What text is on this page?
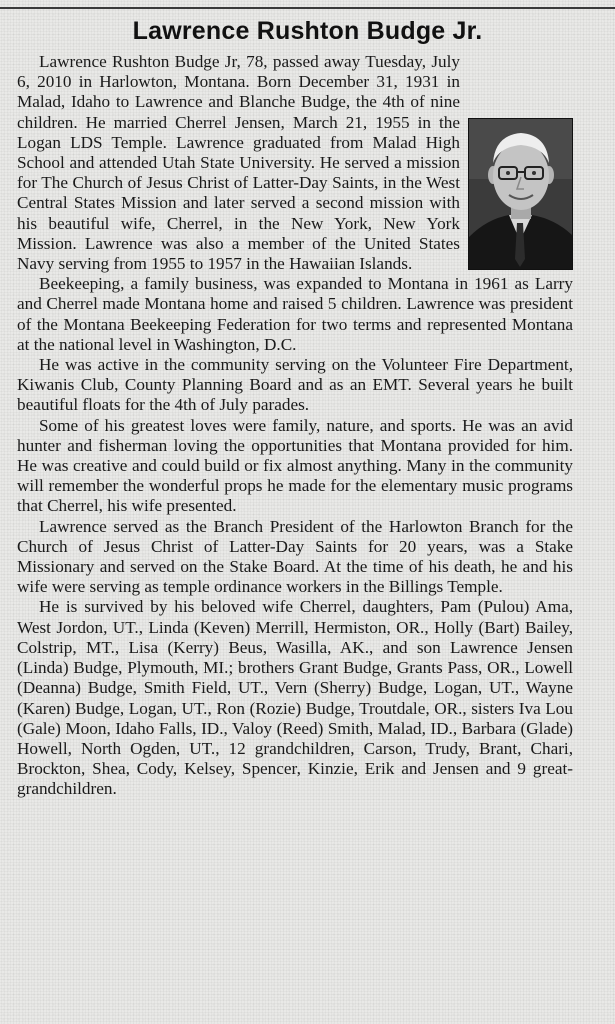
Lawrence Rushton Budge Jr.

Lawrence Rushton Budge Jr, 78, passed away Tuesday, July 6, 2010 in Harlowton, Montana. Born December 31, 1931 in Malad, Idaho to Lawrence and Blanche Budge, the 4th of nine children. He married Cherrel Jensen, March 21, 1955 in the Logan LDS Temple. Lawrence graduated from Malad High School and attended Utah State University. He served a mission for The Church of Jesus Christ of Latter-Day Saints, in the West Central States Mission and later served a second mission with his beautiful wife, Cherrel, in the New York, New York Mission. Lawrence was also a member of the United States Navy serving from 1955 to 1957 in the Hawaiian Islands.

Beekeeping, a family business, was expanded to Montana in 1961 as Larry and Cherrel made Montana home and raised 5 children. Lawrence was president of the Montana Beekeeping Federation for two terms and represented Montana at the national level in Washington, D.C.

He was active in the community serving on the Volunteer Fire Department, Kiwanis Club, County Planning Board and as an EMT. Several years he built beautiful floats for the 4th of July parades.

Some of his greatest loves were family, nature, and sports. He was an avid hunter and fisherman loving the opportunities that Montana provided for him. He was creative and could build or fix almost anything. Many in the community will remember the wonderful props he made for the elementary music programs that Cherrel, his wife presented.

Lawrence served as the Branch President of the Harlowton Branch for the Church of Jesus Christ of Latter-Day Saints for 20 years, was a Stake Missionary and served on the Stake Board. At the time of his death, he and his wife were serving as temple ordinance workers in the Billings Temple.

He is survived by his beloved wife Cherrel, daughters, Pam (Pulou) Ama, West Jordon, UT., Linda (Keven) Merrill, Hermiston, OR., Holly (Bart) Bailey, Colstrip, MT., Lisa (Kerry) Beus, Wasilla, AK., and son Lawrence Jensen (Linda) Budge, Plymouth, MI.; brothers Grant Budge, Grants Pass, OR., Lowell (Deanna) Budge, Smith Field, UT., Vern (Sherry) Budge, Logan, UT., Wayne (Karen) Budge, Logan, UT., Ron (Rozie) Budge, Troutdale, OR., sisters Iva Lou (Gale) Moon, Idaho Falls, ID., Valoy (Reed) Smith, Malad, ID., Barbara (Glade) Howell, North Ogden, UT., 12 grandchildren, Carson, Trudy, Brant, Chari, Brockton, Shea, Cody, Kelsey, Spencer, Kinzie, Erik and Jensen and 9 great-grandchildren.
